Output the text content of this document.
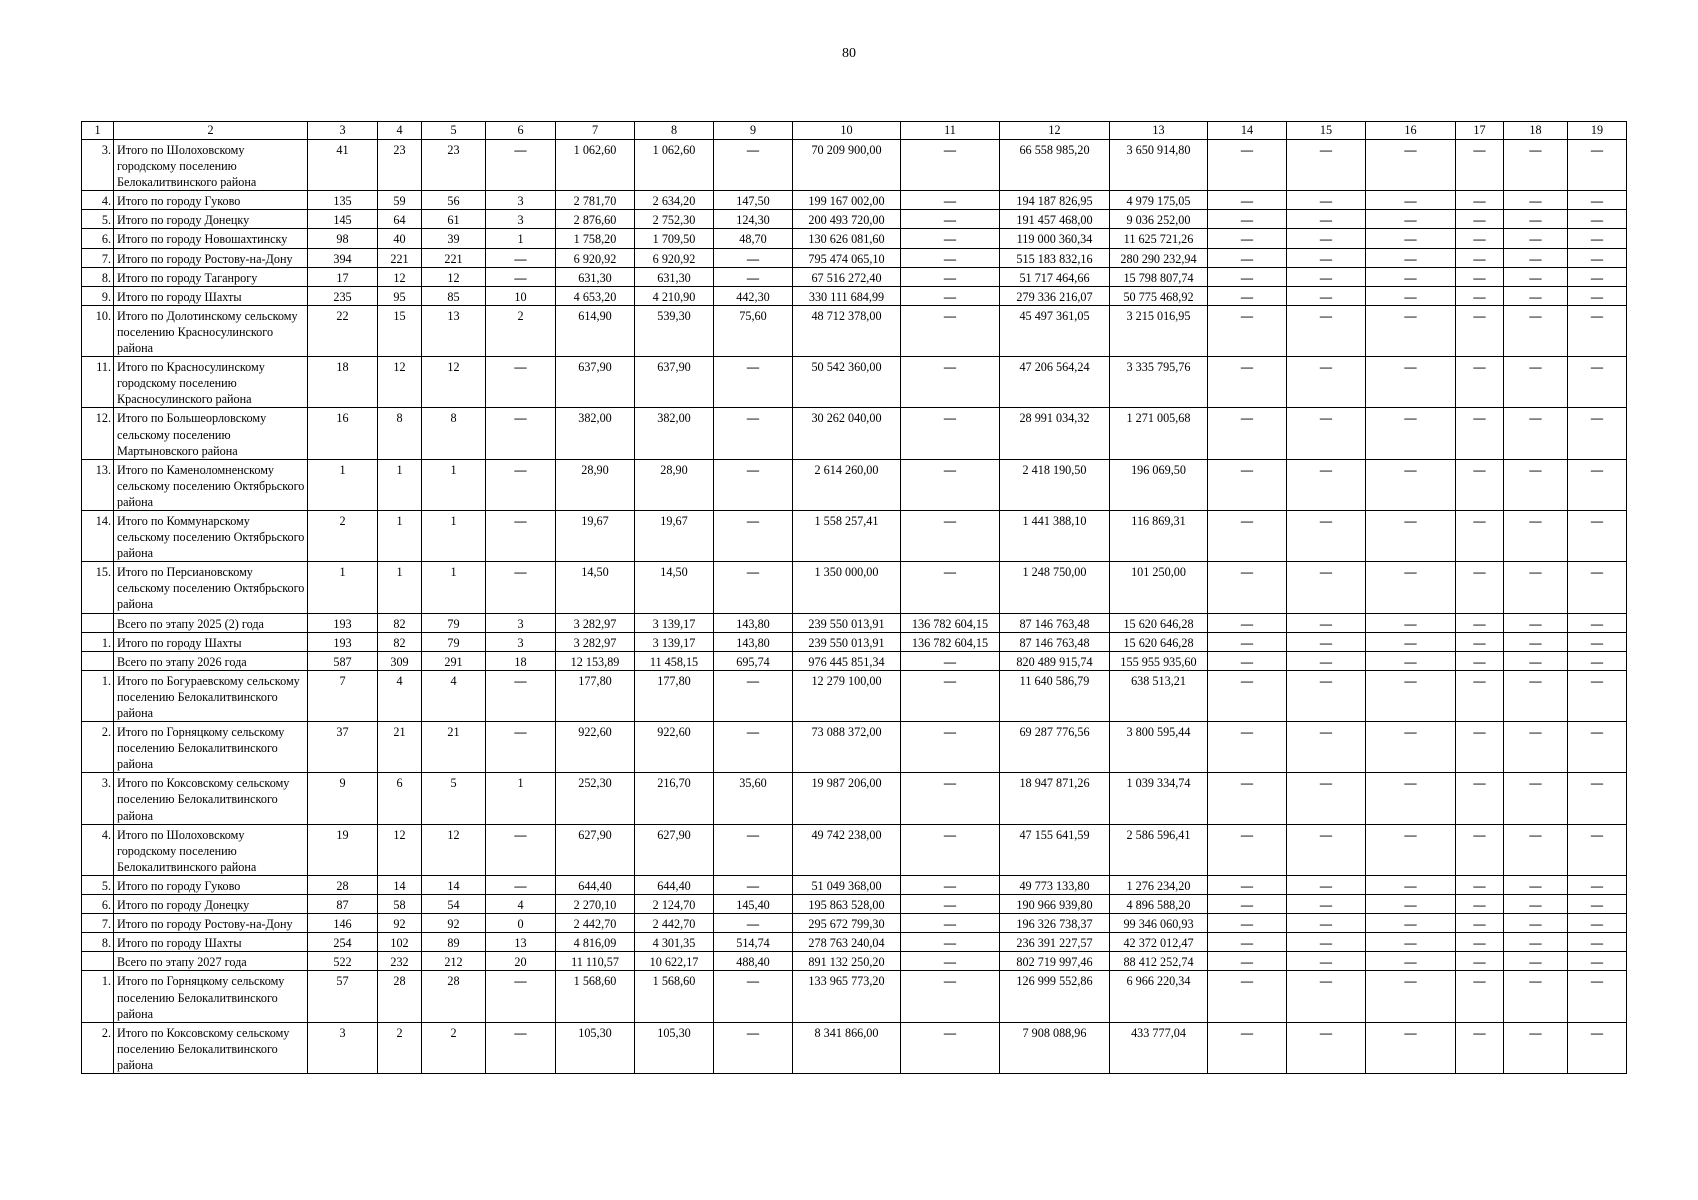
80
1	2	3	4	5	6	7	8	9	10	11	12	13	14	15	16	17	18	19
3.	Итого по Шолоховскому городскому поселению Белокалитвинского района	41	23	23	—	1 062,60	1 062,60	—	70 209 900,00	—	66 558 985,20	3 650 914,80	—	—	—	—	—	—
4.	Итого по городу Гуково	135	59	56	3	2 781,70	2 634,20	147,50	199 167 002,00	—	194 187 826,95	4 979 175,05	—	—	—	—	—	—
5.	Итого по городу Донецку	145	64	61	3	2 876,60	2 752,30	124,30	200 493 720,00	—	191 457 468,00	9 036 252,00	—	—	—	—	—	—
6.	Итого по городу Новошахтинску	98	40	39	1	1 758,20	1 709,50	48,70	130 626 081,60	—	119 000 360,34	11 625 721,26	—	—	—	—	—	—
7.	Итого по городу Ростову-на-Дону	394	221	221	—	6 920,92	6 920,92	—	795 474 065,10	—	515 183 832,16	280 290 232,94	—	—	—	—	—	—
8.	Итого по городу Таганрогу	17	12	12	—	631,30	631,30	—	67 516 272,40	—	51 717 464,66	15 798 807,74	—	—	—	—	—	—
9.	Итого по городу Шахты	235	95	85	10	4 653,20	4 210,90	442,30	330 111 684,99	—	279 336 216,07	50 775 468,92	—	—	—	—	—	—
10.	Итого по Долотинскому сельскому поселению Красносулинского района	22	15	13	2	614,90	539,30	75,60	48 712 378,00	—	45 497 361,05	3 215 016,95	—	—	—	—	—	—
11.	Итого по Красносулинскому городскому поселению Красносулинского района	18	12	12	—	637,90	637,90	—	50 542 360,00	—	47 206 564,24	3 335 795,76	—	—	—	—	—	—
12.	Итого по Большеорловскому сельскому поселению Мартыновского района	16	8	8	—	382,00	382,00	—	30 262 040,00	—	28 991 034,32	1 271 005,68	—	—	—	—	—	—
13.	Итого по Каменоломненскому сельскому поселению Октябрьского района	1	1	1	—	28,90	28,90	—	2 614 260,00	—	2 418 190,50	196 069,50	—	—	—	—	—	—
14.	Итого по Коммунарскому сельскому поселению Октябрьского района	2	1	1	—	19,67	19,67	—	1 558 257,41	—	1 441 388,10	116 869,31	—	—	—	—	—	—
15.	Итого по Персиановскому сельскому поселению Октябрьского района	1	1	1	—	14,50	14,50	—	1 350 000,00	—	1 248 750,00	101 250,00	—	—	—	—	—	—
	Всего по этапу 2025 (2) года	193	82	79	3	3 282,97	3 139,17	143,80	239 550 013,91	136 782 604,15	87 146 763,48	15 620 646,28	—	—	—	—	—	—
1.	Итого по городу Шахты	193	82	79	3	3 282,97	3 139,17	143,80	239 550 013,91	136 782 604,15	87 146 763,48	15 620 646,28	—	—	—	—	—	—
	Всего по этапу 2026 года	587	309	291	18	12 153,89	11 458,15	695,74	976 445 851,34	—	820 489 915,74	155 955 935,60	—	—	—	—	—	—
1.	Итого по Богураевскому сельскому поселению Белокалитвинского района	7	4	4	—	177,80	177,80	—	12 279 100,00	—	11 640 586,79	638 513,21	—	—	—	—	—	—
2.	Итого по Горняцкому сельскому поселению Белокалитвинского района	37	21	21	—	922,60	922,60	—	73 088 372,00	—	69 287 776,56	3 800 595,44	—	—	—	—	—	—
3.	Итого по Коксовскому сельскому поселению Белокалитвинского района	9	6	5	1	252,30	216,70	35,60	19 987 206,00	—	18 947 871,26	1 039 334,74	—	—	—	—	—	—
4.	Итого по Шолоховскому городскому поселению Белокалитвинского района	19	12	12	—	627,90	627,90	—	49 742 238,00	—	47 155 641,59	2 586 596,41	—	—	—	—	—	—
5.	Итого по городу Гуково	28	14	14	—	644,40	644,40	—	51 049 368,00	—	49 773 133,80	1 276 234,20	—	—	—	—	—	—
6.	Итого по городу Донецку	87	58	54	4	2 270,10	2 124,70	145,40	195 863 528,00	—	190 966 939,80	4 896 588,20	—	—	—	—	—	—
7.	Итого по городу Ростову-на-Дону	146	92	92	0	2 442,70	2 442,70	—	295 672 799,30	—	196 326 738,37	99 346 060,93	—	—	—	—	—	—
8.	Итого по городу Шахты	254	102	89	13	4 816,09	4 301,35	514,74	278 763 240,04	—	236 391 227,57	42 372 012,47	—	—	—	—	—	—
	Всего по этапу 2027 года	522	232	212	20	11 110,57	10 622,17	488,40	891 132 250,20	—	802 719 997,46	88 412 252,74	—	—	—	—	—	—
1.	Итого по Горняцкому сельскому поселению Белокалитвинского района	57	28	28	—	1 568,60	1 568,60	—	133 965 773,20	—	126 999 552,86	6 966 220,34	—	—	—	—	—	—
2.	Итого по Коксовскому сельскому поселению Белокалитвинского района	3	2	2	—	105,30	105,30	—	8 341 866,00	—	7 908 088,96	433 777,04	—	—	—	—	—	—
